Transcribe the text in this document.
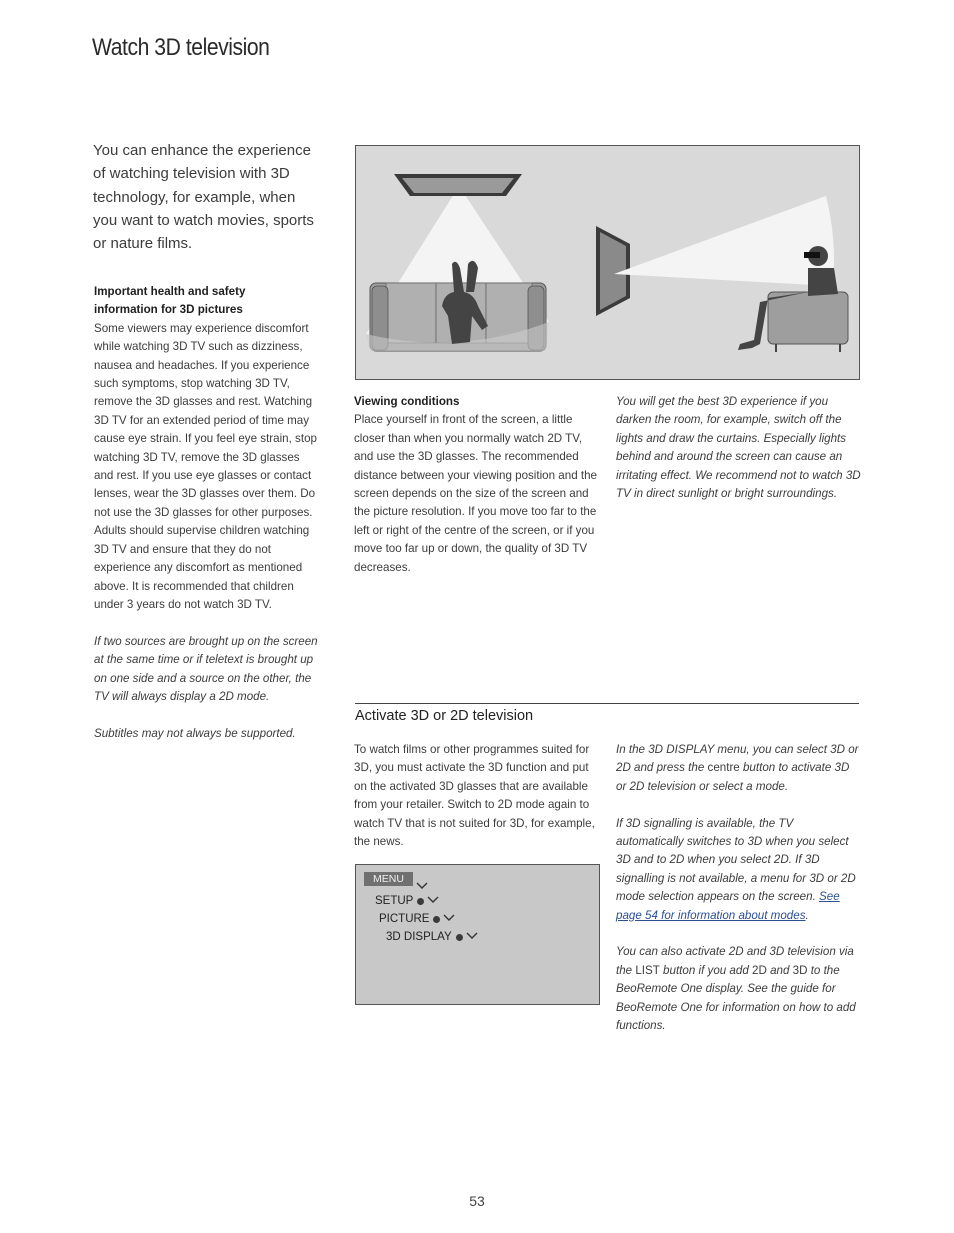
Watch 3D television
You can enhance the experience of watching television with 3D technology, for example, when you want to watch movies, sports or nature films.
Important health and safety
information for 3D pictures

Some viewers may experience discomfort while watching 3D TV such as dizziness, nausea and headaches. If you experience such symptoms, stop watching 3D TV, remove the 3D glasses and rest. Watching 3D TV for an extended period of time may cause eye strain. If you feel eye strain, stop watching 3D TV, remove the 3D glasses and rest. If you use eye glasses or contact lenses, wear the 3D glasses over them. Do not use the 3D glasses for other purposes. Adults should supervise children watching 3D TV and ensure that they do not experience any discomfort as mentioned above. It is recommended that children under 3 years do not watch 3D TV.

If two sources are brought up on the screen at the same time or if teletext is brought up on one side and a source on the other, the TV will always display a 2D mode.

Subtitles may not always be supported.

Viewing conditions

Place yourself in front of the screen, a little closer than when you normally watch 2D TV, and use the 3D glasses. The recommended distance between your viewing position and the screen depends on the size of the screen and the picture resolution. If you move too far to the left or right of the centre of the screen, or if you move too far up or down, the quality of 3D TV decreases.

You will get the best 3D experience if you darken the room, for example, switch off the lights and draw the curtains. Especially lights behind and around the screen can cause an irritating effect. We recommend not to watch 3D TV in direct sunlight or bright surroundings.
Activate 3D or 2D television
To watch films or other programmes suited for 3D, you must activate the 3D function and put on the activated 3D glasses that are available from your retailer. Switch to 2D mode again to watch TV that is not suited for 3D, for example, the news.
MENU
SETUP
PICTURE
3D DISPLAY

In the 3D DISPLAY menu, you can select 3D or 2D and press the centre button to activate 3D or 2D television or select a mode.

If 3D signalling is available, the TV automatically switches to 3D when you select 3D and to 2D when you select 2D. If 3D signalling is not available, a menu for 3D or 2D mode selection appears on the screen. See page 54 for information about modes.

You can also activate 2D and 3D television via the LIST button if you add 2D and 3D to the BeoRemote One display. See the guide for BeoRemote One for information on how to add functions.

53
